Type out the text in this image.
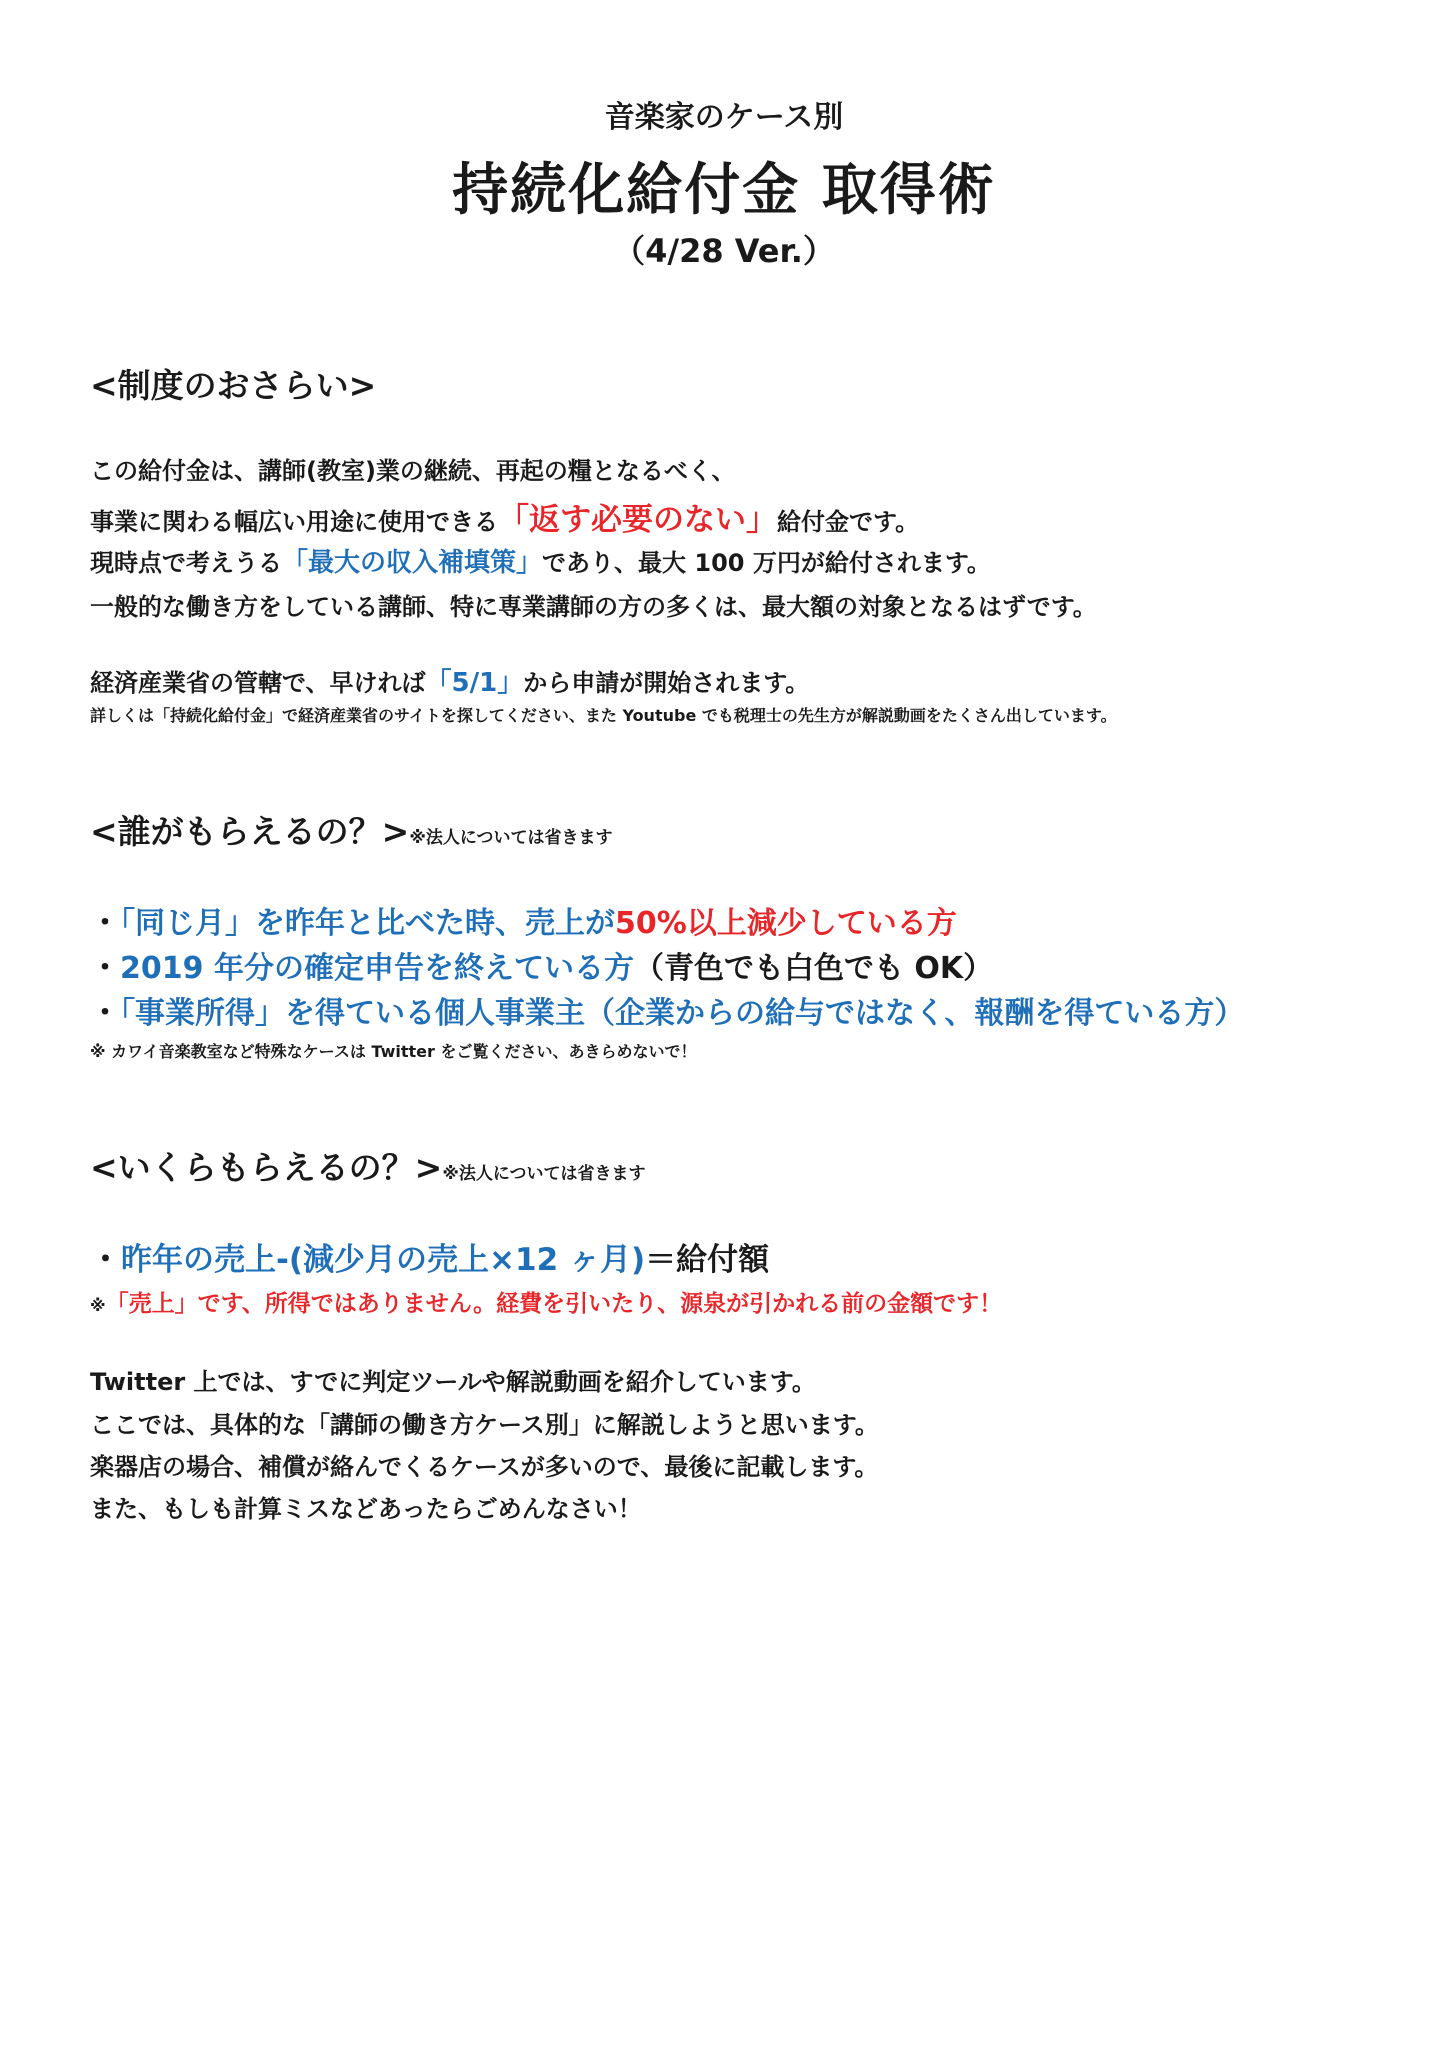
音楽家のケース別
持続化給付金 取得術
（4/28 Ver.）
<制度のおさらい>
この給付金は、講師(教室)業の継続、再起の糧となるべく、
事業に関わる幅広い用途に使用できる「返す必要のない」給付金です。
現時点で考えうる「最大の収入補填策」であり、最大 100 万円が給付されます。
一般的な働き方をしている講師、特に専業講師の方の多くは、最大額の対象となるはずです。
経済産業省の管轄で、早ければ「5/1」から申請が開始されます。
詳しくは「持続化給付金」で経済産業省のサイトを探してください、また Youtube でも税理士の先生方が解説動画をたくさん出しています。
<誰がもらえるの？>※法人については省きます
・「同じ月」を昨年と比べた時、売上が50%以上減少している方
・2019 年分の確定申告を終えている方（青色でも白色でも OK）
・「事業所得」を得ている個人事業主（企業からの給与ではなく、報酬を得ている方）
※ カワイ音楽教室など特殊なケースは Twitter をご覧ください、あきらめないで！
<いくらもらえるの？>※法人については省きます
・昨年の売上-(減少月の売上×12 ヶ月)＝給付額
※「売上」です、所得ではありません。経費を引いたり、源泉が引かれる前の金額です！
Twitter 上では、すでに判定ツールや解説動画を紹介しています。
ここでは、具体的な「講師の働き方ケース別」に解説しようと思います。
楽器店の場合、補償が絡んでくるケースが多いので、最後に記載します。
また、もしも計算ミスなどあったらごめんなさい！
